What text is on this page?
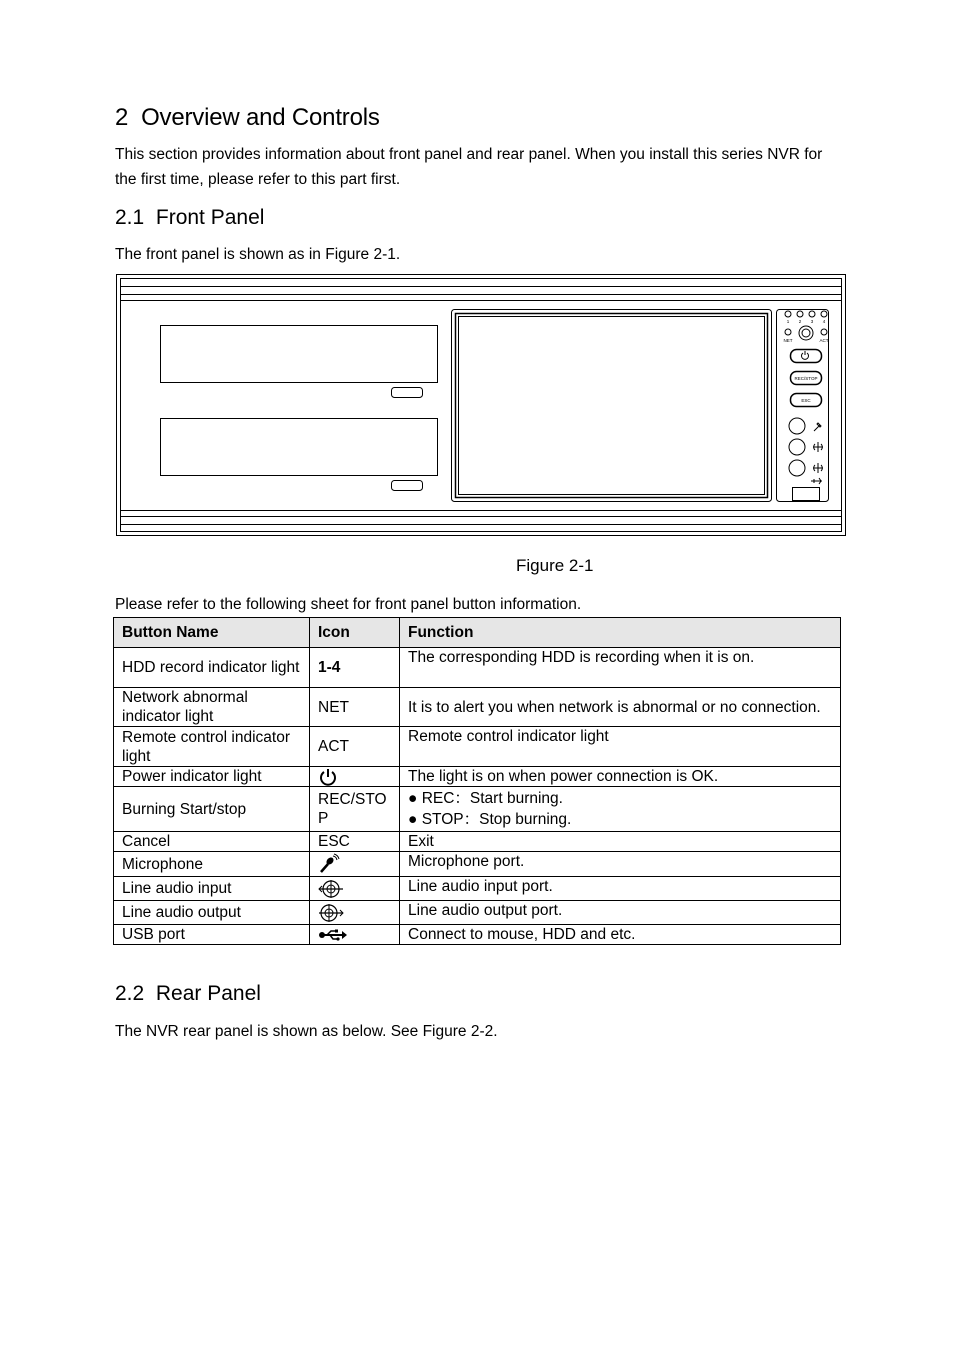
2 Overview and Controls

This section provides information about front panel and rear panel. When you install this series NVR for the first time, please refer to this part first.

2.1 Front Panel

The front panel is shown as in Figure 2-1.

1 2 3 4
NET	ACT
REC/STOP
ESC
Figure 2-1

Please refer to the following sheet for front panel button information.

Button Name	Icon	Function
HDD record indicator light	1-4	The corresponding HDD is recording when it is on.
Network abnormal indicator light	NET	It is to alert you when network is abnormal or no connection.
Remote control indicator light	ACT	Remote control indicator light
Power indicator light		The light is on when power connection is OK.
Burning Start/stop	REC/STOP	● REC：Start burning.
● STOP：Stop burning.

Cancel	ESC	Exit
Microphone		Microphone port.
Line audio input		Line audio input port.
Line audio output		Line audio output port.
USB port		Connect to mouse, HDD and etc.
2.2 Rear Panel

The NVR rear panel is shown as below. See Figure 2-2.
